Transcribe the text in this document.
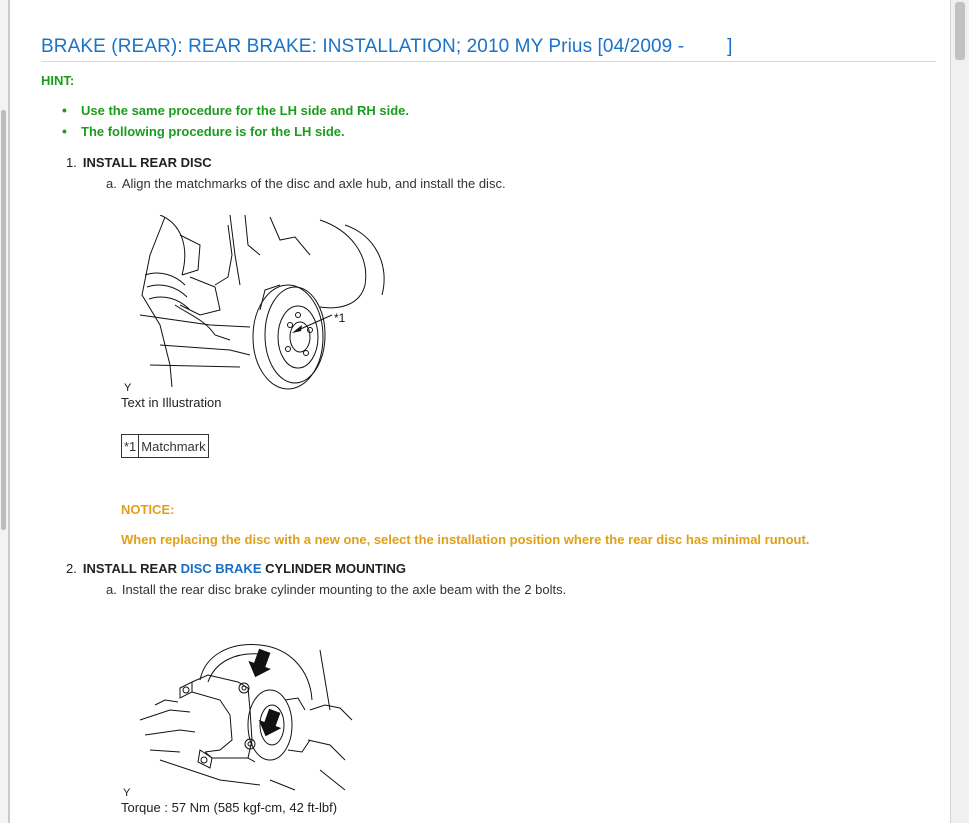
BRAKE (REAR): REAR BRAKE: INSTALLATION; 2010 MY Prius [04/2009 -        ]
HINT:
• Use the same procedure for the LH side and RH side.
• The following procedure is for the LH side.
1. INSTALL REAR DISC
a. Align the matchmarks of the disc and axle hub, and install the disc.
*1
Y
Text in Illustration
*1	Matchmark
NOTICE:
When replacing the disc with a new one, select the installation position where the rear disc has minimal runout.
2. INSTALL REAR DISC BRAKE CYLINDER MOUNTING
a. Install the rear disc brake cylinder mounting to the axle beam with the 2 bolts.
Y
Torque : 57 Nm (585 kgf-cm, 42 ft-lbf)
